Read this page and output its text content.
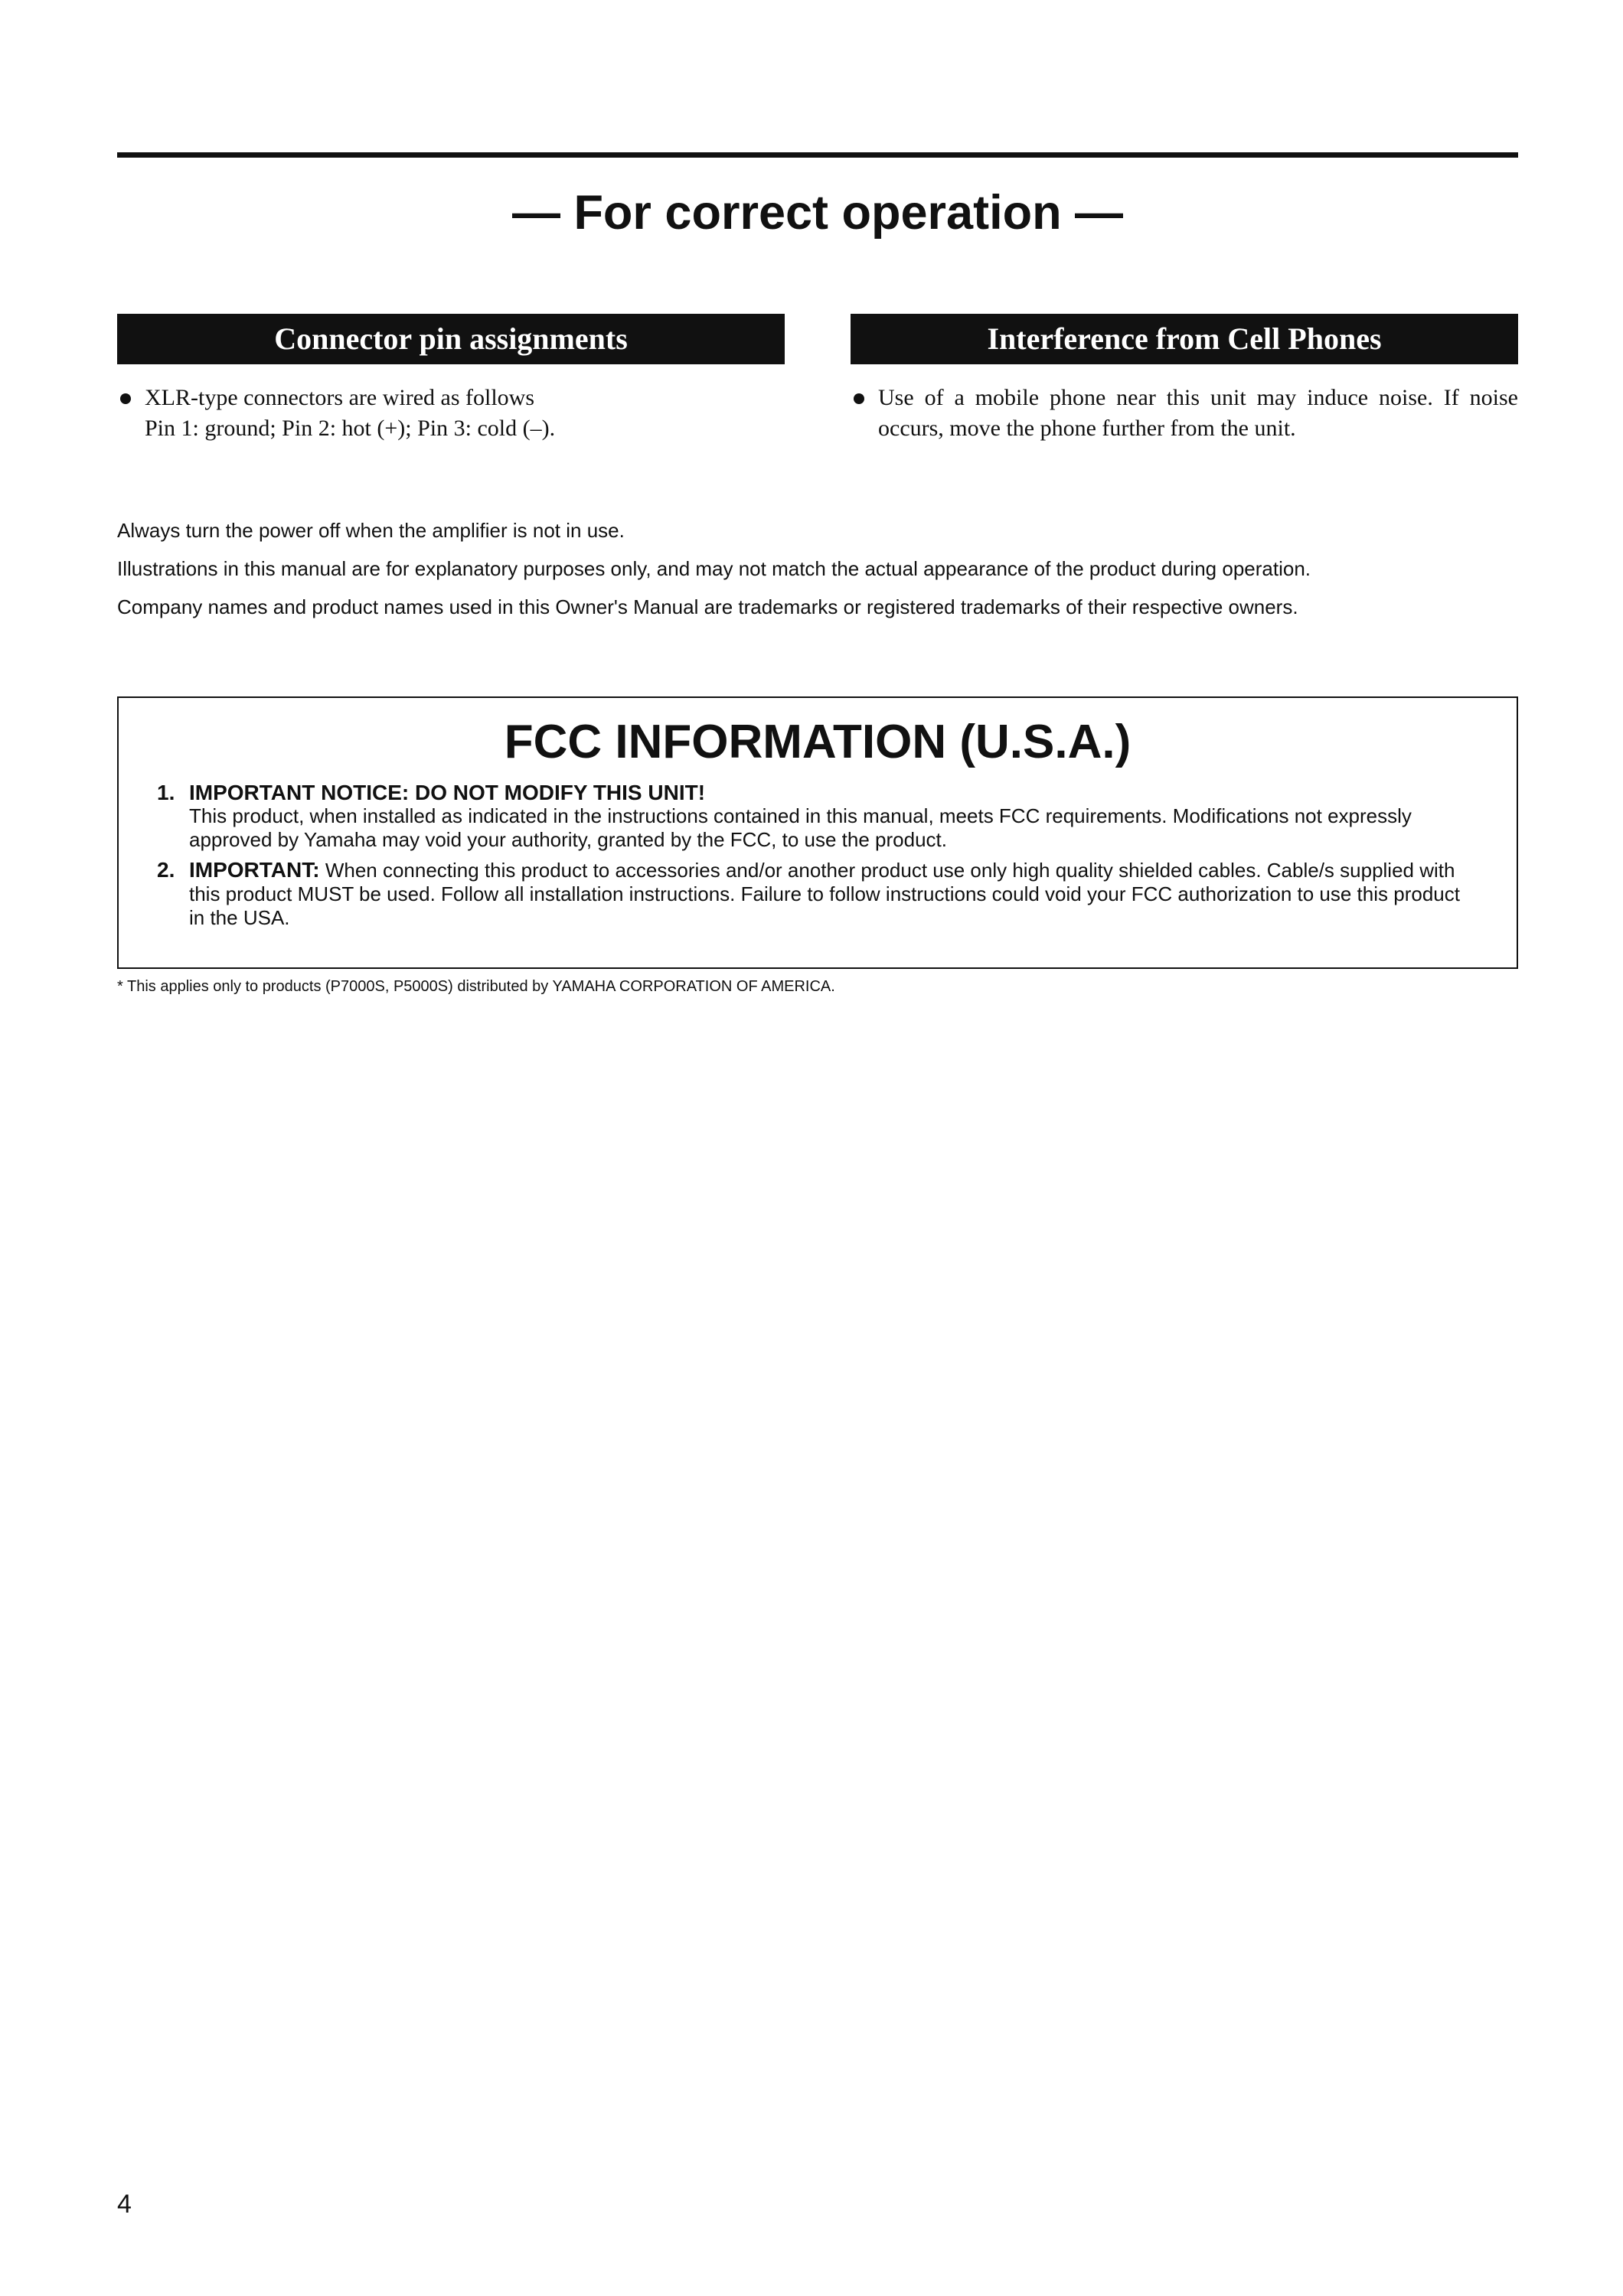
— For correct operation —
Connector pin assignments
XLR-type connectors are wired as follows
Pin 1: ground; Pin 2: hot (+); Pin 3: cold (–).
Interference from Cell Phones
Use of a mobile phone near this unit may induce noise. If noise occurs, move the phone further from the unit.

Always turn the power off when the amplifier is not in use.

Illustrations in this manual are for explanatory purposes only, and may not match the actual appearance of the product during operation.

Company names and product names used in this Owner's Manual are trademarks or registered trademarks of their respective owners.

FCC INFORMATION (U.S.A.)
1. IMPORTANT NOTICE: DO NOT MODIFY THIS UNIT!
This product, when installed as indicated in the instructions contained in this manual, meets FCC requirements. Modifications not expressly approved by Yamaha may void your authority, granted by the FCC, to use the product.
2. IMPORTANT: When connecting this product to accessories and/or another product use only high quality shielded cables. Cable/s supplied with this product MUST be used. Follow all installation instructions. Failure to follow instructions could void your FCC authorization to use this product in the USA.
* This applies only to products (P7000S, P5000S) distributed by YAMAHA CORPORATION OF AMERICA.
4
